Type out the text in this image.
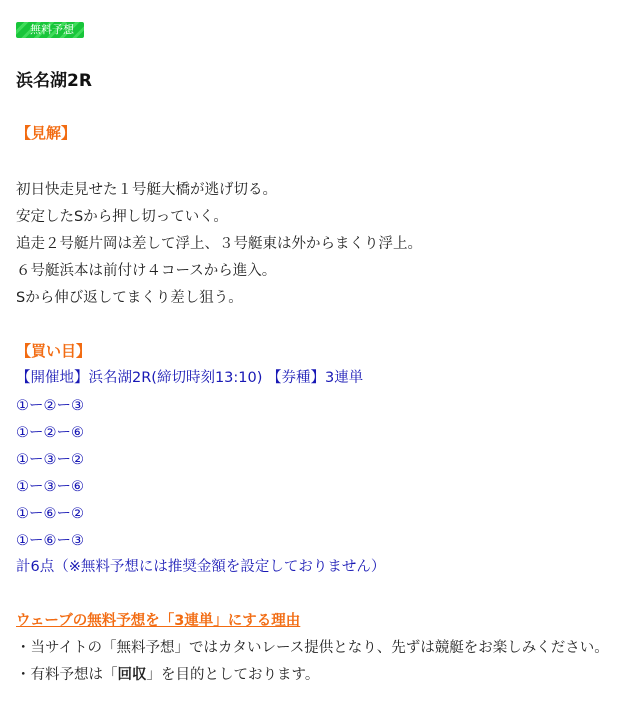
無料予想
浜名湖2R

【見解】

初日快走見せた１号艇大橋が逃げ切る。

安定したSから押し切っていく。

追走２号艇片岡は差して浮上、３号艇東は外からまくり浮上。

６号艇浜本は前付け４コースから進入。

Sから伸び返してまくり差し狙う。

【買い目】

【開催地】浜名湖2R(締切時刻13:10) 【券種】3連単

①ー②ー③

①ー②ー⑥

①ー③ー②

①ー③ー⑥

①ー⑥ー②

①ー⑥ー③

計6点（※無料予想には推奨金額を設定しておりません）

ウェーブの無料予想を「3連単」にする理由

・当サイトの「無料予想」ではカタいレース提供となり、先ずは競艇をお楽しみください。

・有料予想は「回収」を目的としております。
